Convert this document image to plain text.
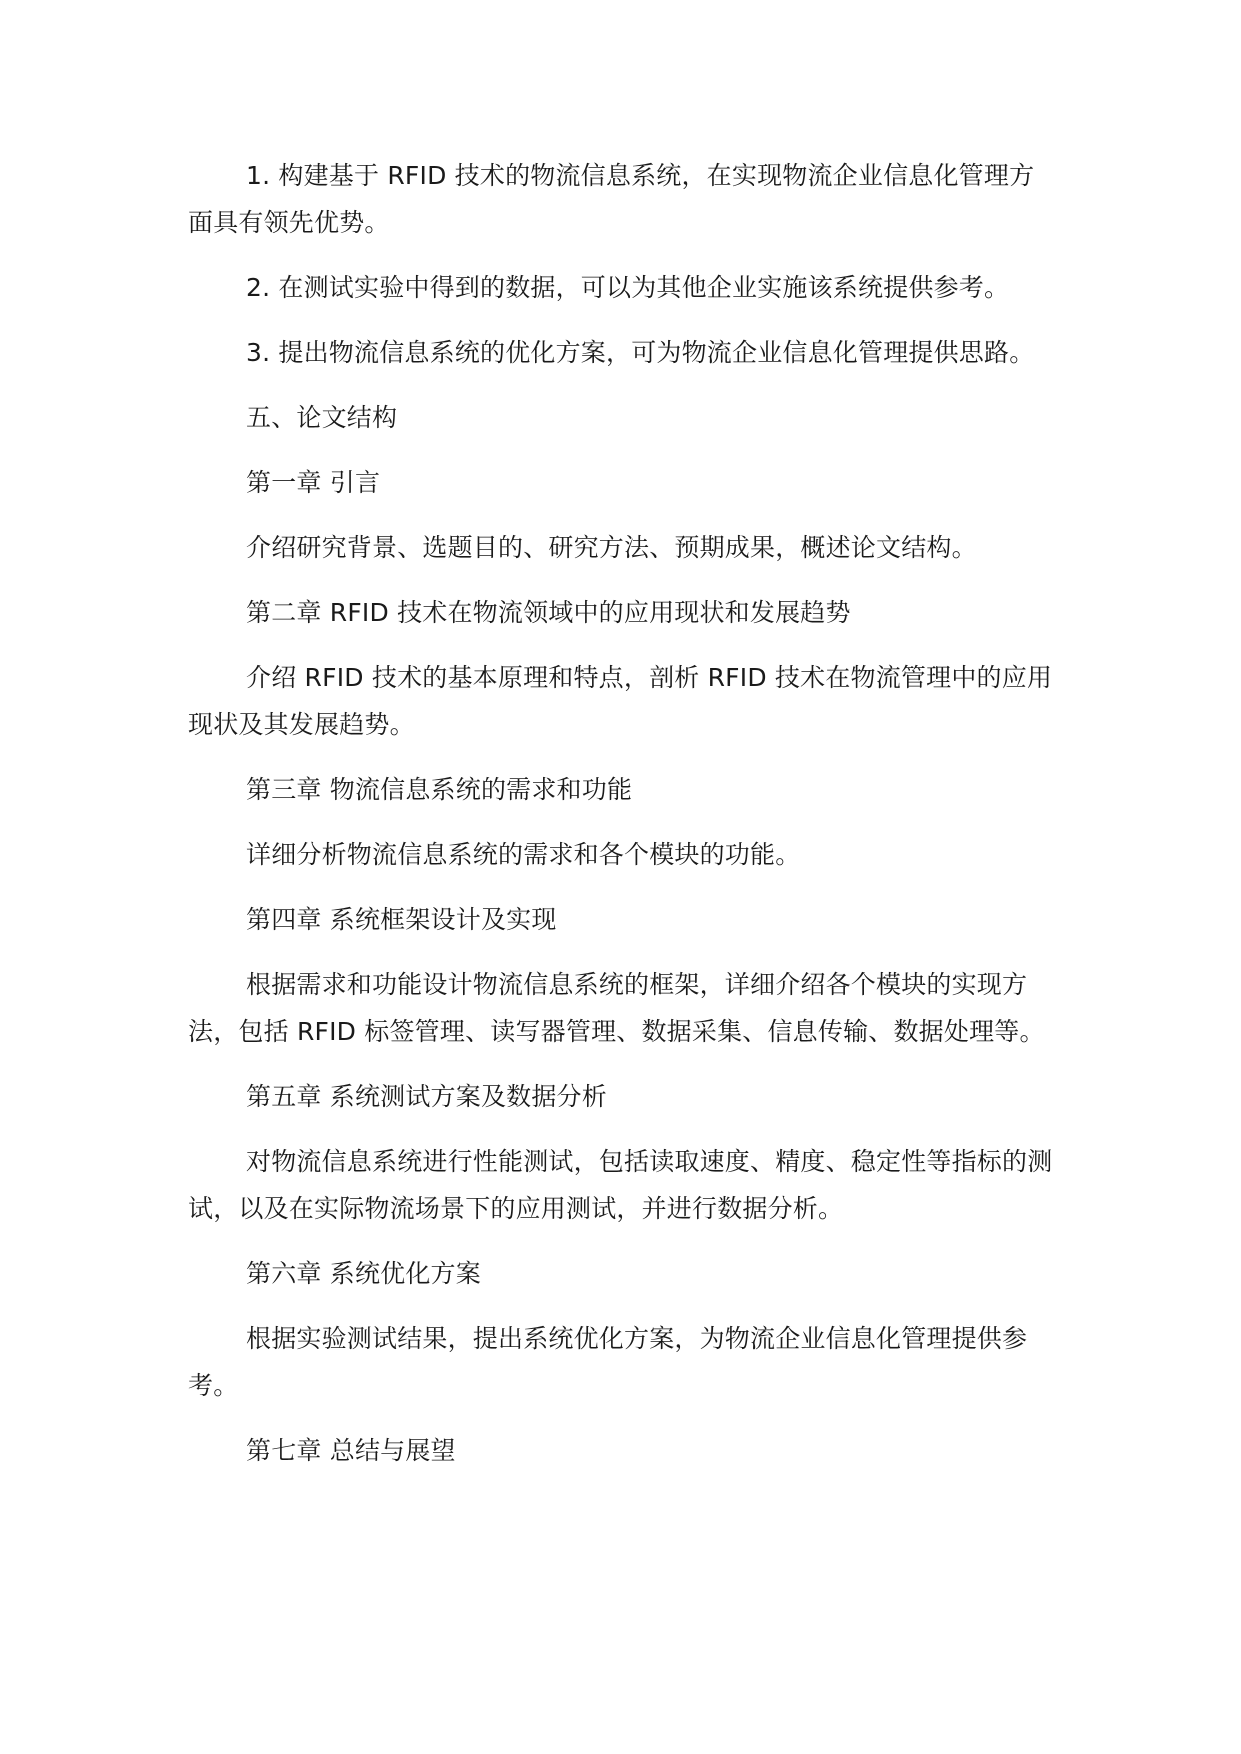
1. 构建基于 RFID 技术的物流信息系统，在实现物流企业信息化管理方面具有领先优势。

2. 在测试实验中得到的数据，可以为其他企业实施该系统提供参考。

3. 提出物流信息系统的优化方案，可为物流企业信息化管理提供思路。

五、论文结构

第一章 引言

介绍研究背景、选题目的、研究方法、预期成果，概述论文结构。

第二章 RFID 技术在物流领域中的应用现状和发展趋势

介绍 RFID 技术的基本原理和特点，剖析 RFID 技术在物流管理中的应用现状及其发展趋势。

第三章 物流信息系统的需求和功能

详细分析物流信息系统的需求和各个模块的功能。

第四章 系统框架设计及实现

根据需求和功能设计物流信息系统的框架，详细介绍各个模块的实现方法，包括 RFID 标签管理、读写器管理、数据采集、信息传输、数据处理等。

第五章 系统测试方案及数据分析

对物流信息系统进行性能测试，包括读取速度、精度、稳定性等指标的测试，以及在实际物流场景下的应用测试，并进行数据分析。

第六章 系统优化方案

根据实验测试结果，提出系统优化方案，为物流企业信息化管理提供参考。

第七章 总结与展望
